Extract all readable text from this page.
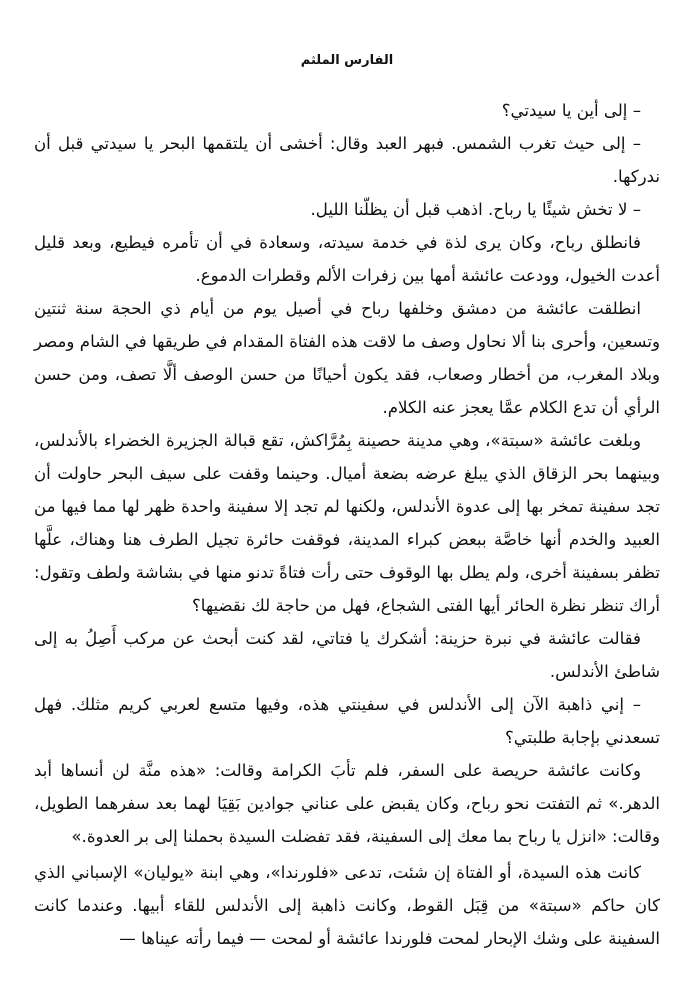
الفارس الملثم

– إلى أين يا سيدتي؟

– إلى حيث تغرب الشمس. فبهر العبد وقال: أخشى أن يلتقمها البحر يا سيدتي قبل أن ندركها.

– لا تخش شيئًا يا رباح. اذهب قبل أن يظلّنا الليل.

فانطلق رباح، وكان يرى لذة في خدمة سيدته، وسعادة في أن تأمره فيطيع، وبعد قليل أعدت الخيول، وودعت عائشة أمها بين زفرات الألم وقطرات الدموع.

انطلقت عائشة من دمشق وخلفها رباح في أصيل يوم من أيام ذي الحجة سنة ثنتين وتسعين، وأحرى بنا ألا نحاول وصف ما لاقت هذه الفتاة المقدام في طريقها في الشام ومصر وبلاد المغرب، من أخطار وصعاب، فقد يكون أحيانًا من حسن الوصف ألَّا تصف، ومن حسن الرأي أن تدع الكلام عمَّا يعجز عنه الكلام.

وبلغت عائشة «سبتة»، وهي مدينة حصينة بِمُرَّاكش، تقع قبالة الجزيرة الخضراء بالأندلس، وبينهما بحر الزقاق الذي يبلغ عرضه بضعة أميال. وحينما وقفت على سيف البحر حاولت أن تجد سفينة تمخر بها إلى عدوة الأندلس، ولكنها لم تجد إلا سفينة واحدة ظهر لها مما فيها من العبيد والخدم أنها خاصَّة ببعض كبراء المدينة، فوقفت حائرة تجيل الطرف هنا وهناك، علَّها تظفر بسفينة أخرى، ولم يطل بها الوقوف حتى رأت فتاةً تدنو منها في بشاشة ولطف وتقول: أراك تنظر نظرة الحائر أيها الفتى الشجاع، فهل من حاجة لك نقضيها؟

فقالت عائشة في نبرة حزينة: أشكرك يا فتاتي، لقد كنت أبحث عن مركب أَصِلُ به إلى شاطئ الأندلس.

– إني ذاهبة الآن إلى الأندلس في سفينتي هذه، وفيها متسع لعربي كريم مثلك. فهل تسعدني بإجابة طلبتي؟

وكانت عائشة حريصة على السفر، فلم تأبَ الكرامة وقالت: «هذه منَّة لن أنساها أبد الدهر.» ثم التفتت نحو رباح، وكان يقبض على عناني جوادين بَقِيَا لهما بعد سفرهما الطويل، وقالت: «انزل يا رباح بما معك إلى السفينة، فقد تفضلت السيدة بحملنا إلى بر العدوة.»

كانت هذه السيدة، أو الفتاة إن شئت، تدعى «فلورندا»، وهي ابنة «يوليان» الإسباني الذي كان حاكم «سبتة» من قِبَل القوط، وكانت ذاهبة إلى الأندلس للقاء أبيها. وعندما كانت السفينة على وشك الإبحار لمحت فلورندا عائشة أو لمحت — فيما رأته عيناها —
